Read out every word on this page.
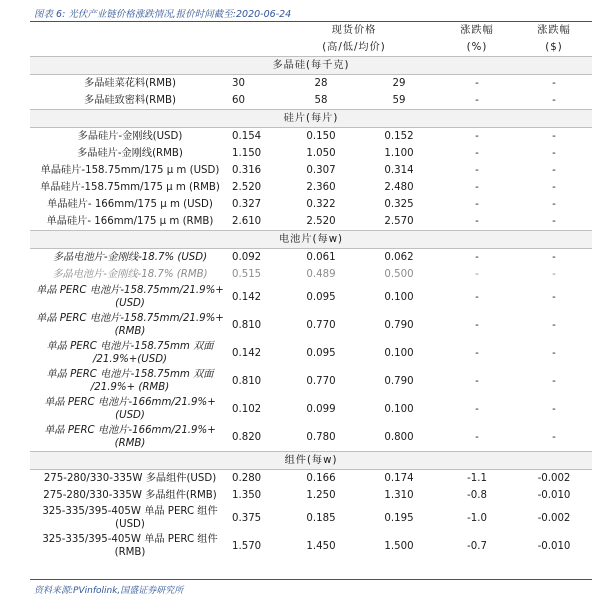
图表 6: 光伏产业链价格涨跌情况,报价时间截至:2020-06-24
	现货价格			涨跌幅	涨跌幅
	(高/低/均价)			(%)	($)
多晶硅(每千克)					
多晶硅菜花料(RMB)	30	28	29	-	-
多晶硅致密料(RMB)	60	58	59	-	-
硅片(每片)					
多晶硅片-金刚线(USD)	0.154	0.150	0.152	-	-
多晶硅片-金刚线(RMB)	1.150	1.050	1.100	-	-
单晶硅片-158.75mm/175 μ m (USD)	0.316	0.307	0.314	-	-
单晶硅片-158.75mm/175 μ m (RMB)	2.520	2.360	2.480	-	-
单晶硅片- 166mm/175 μ m (USD)	0.327	0.322	0.325	-	-
单晶硅片- 166mm/175 μ m (RMB)	2.610	2.520	2.570	-	-
电池片(每w)					
多晶电池片-金刚线-18.7% (USD)	0.092	0.061	0.062	-	-
多晶电池片-金刚线-18.7% (RMB)	0.515	0.489	0.500	-	-
单晶 PERC 电池片-158.75mm/21.9%+ (USD)	0.142	0.095	0.100	-	-
单晶 PERC 电池片-158.75mm/21.9%+ (RMB)	0.810	0.770	0.790	-	-
单晶 PERC 电池片-158.75mm 双面 /21.9%+(USD)	0.142	0.095	0.100	-	-
单晶 PERC 电池片-158.75mm 双面 /21.9%+ (RMB)	0.810	0.770	0.790	-	-
单晶 PERC 电池片-166mm/21.9%+ (USD)	0.102	0.099	0.100	-	-
单晶 PERC 电池片-166mm/21.9%+ (RMB)	0.820	0.780	0.800	-	-
组件(每w)					
275-280/330-335W 多晶组件(USD)	0.280	0.166	0.174	-1.1	-0.002
275-280/330-335W 多晶组件(RMB)	1.350	1.250	1.310	-0.8	-0.010
325-335/395-405W 单晶 PERC 组件 (USD)	0.375	0.185	0.195	-1.0	-0.002
325-335/395-405W 单晶 PERC 组件 (RMB)	1.570	1.450	1.500	-0.7	-0.010
资料来源:PVinfolink,国盛证券研究所
